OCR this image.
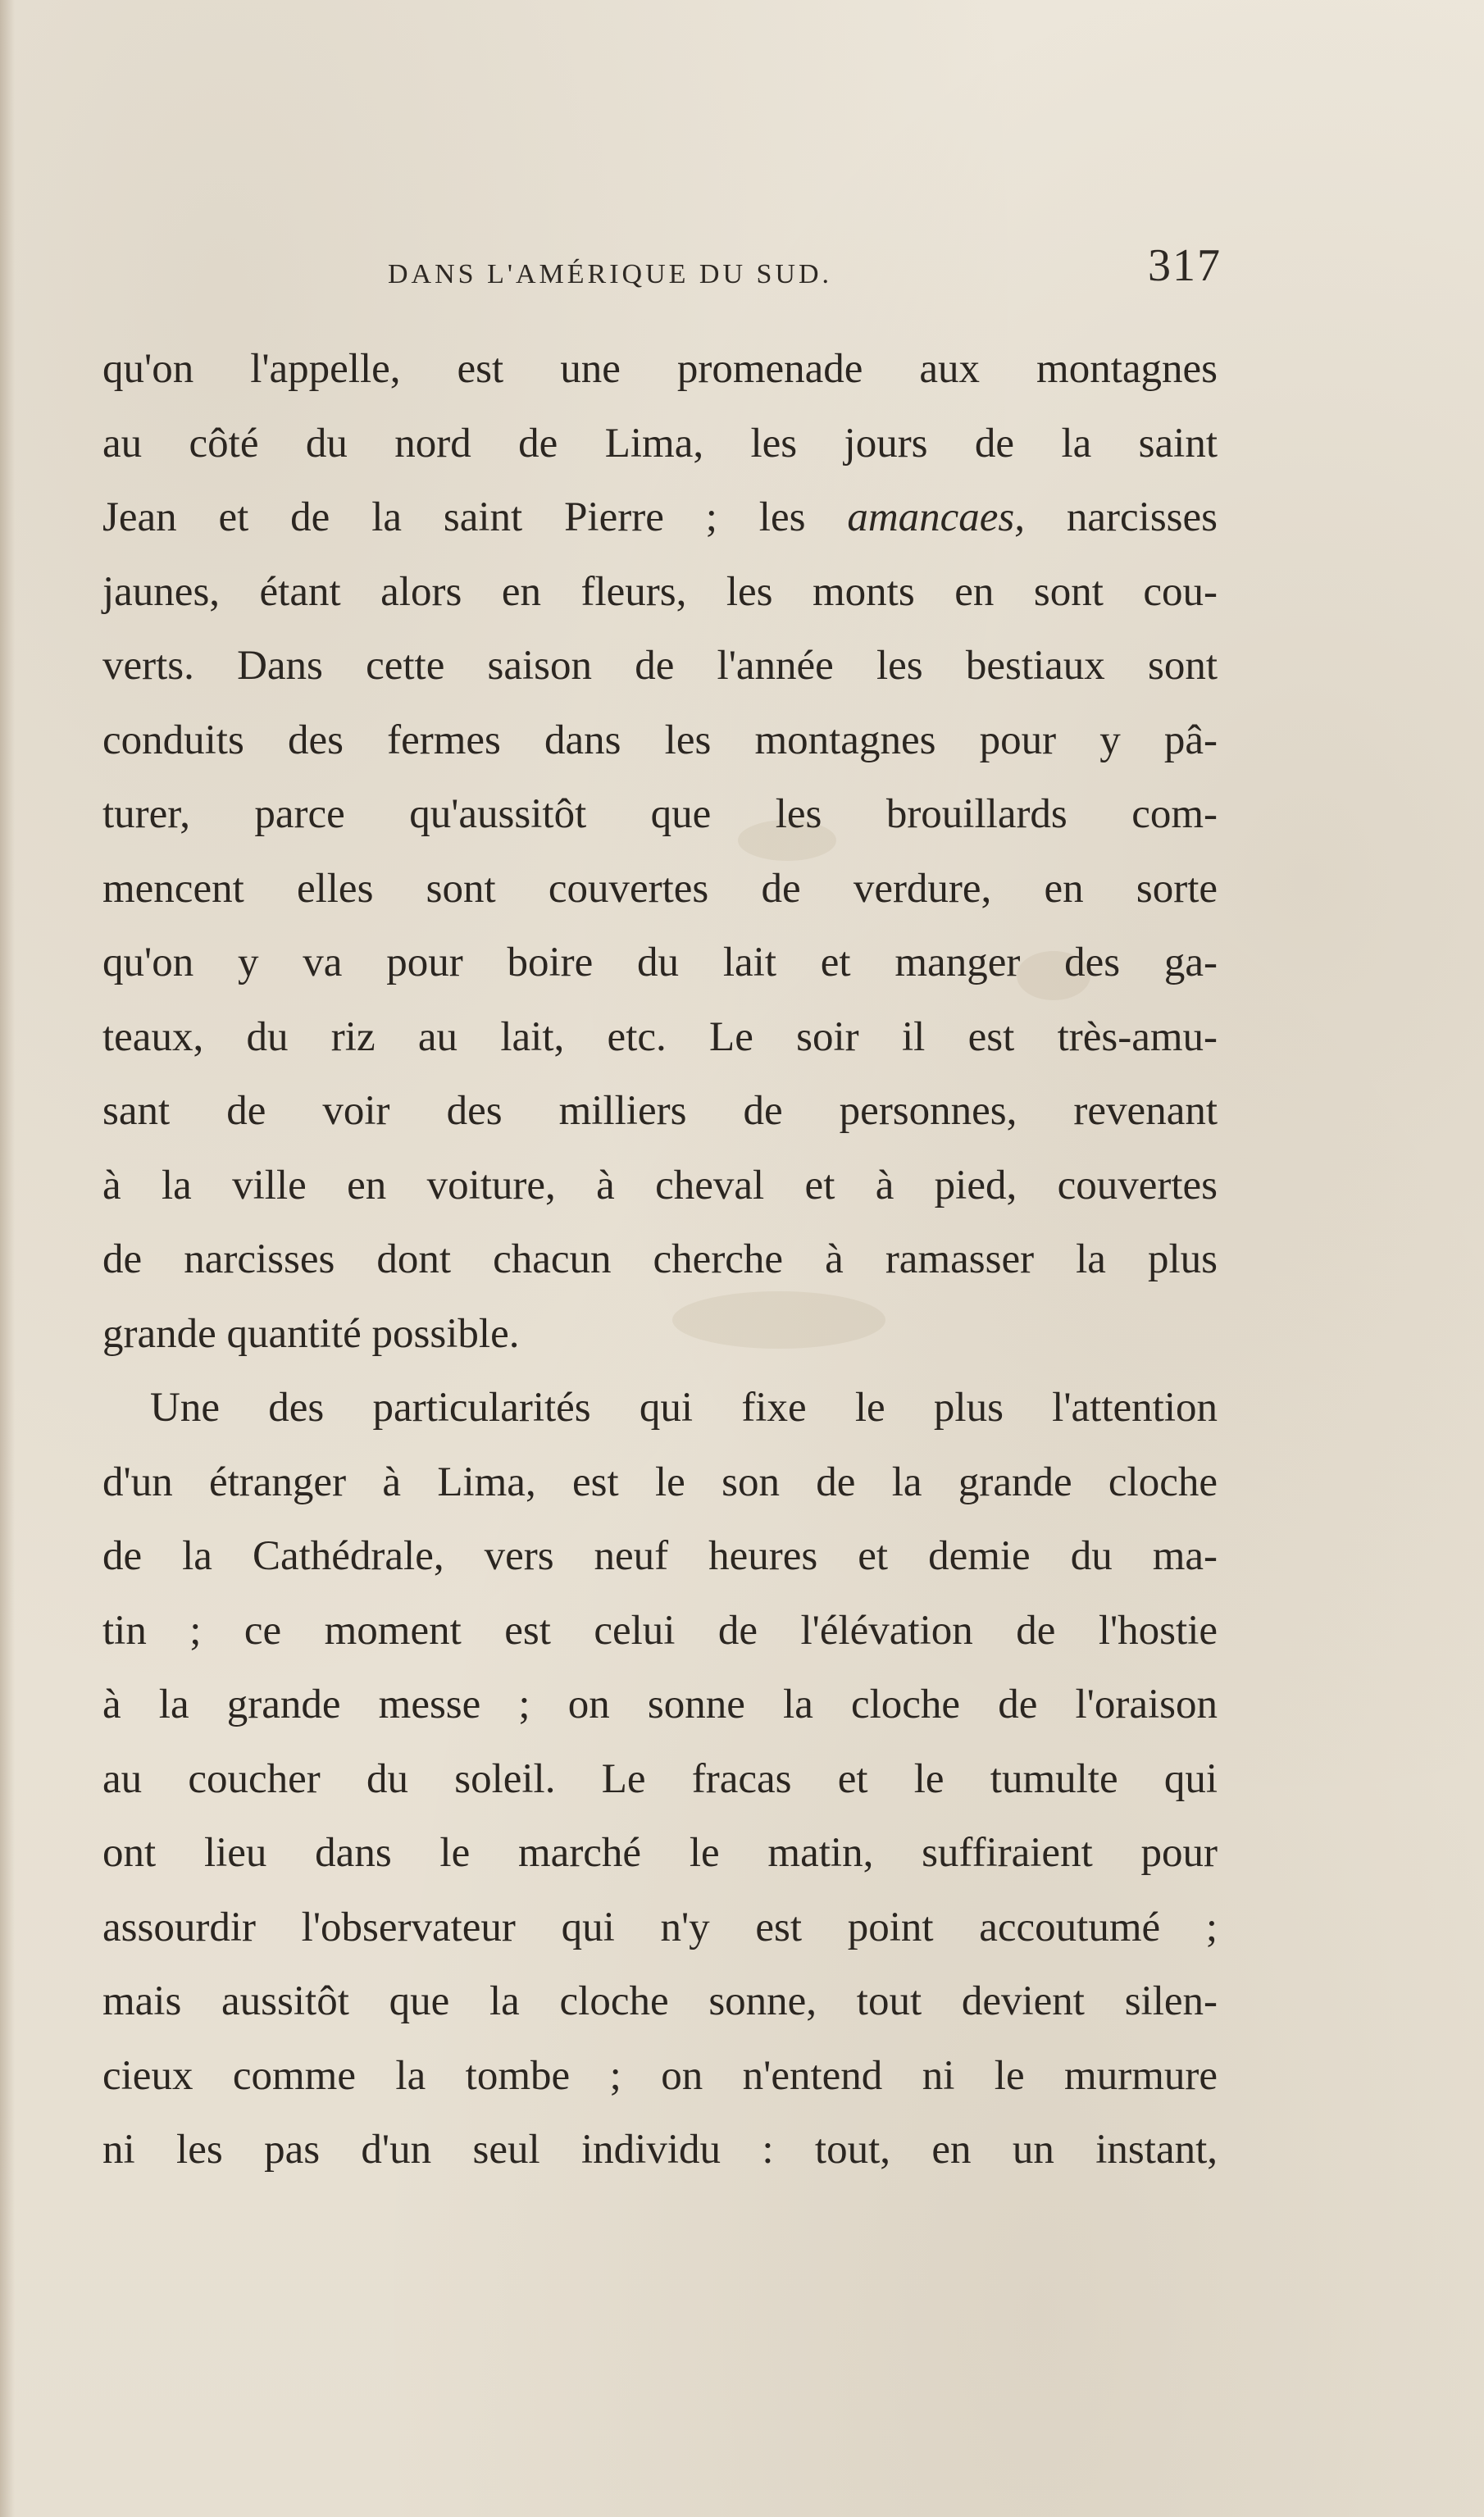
DANS L'AMÉRIQUE DU SUD.	317
qu'on l'appelle, est une promenade aux montagnes
au côté du nord de Lima, les jours de la saint
Jean et de la saint Pierre ; les amancaes, narcisses
jaunes, étant alors en fleurs, les monts en sont cou-
verts. Dans cette saison de l'année les bestiaux sont
conduits des fermes dans les montagnes pour y pâ-
turer, parce qu'aussitôt que les brouillards com-
mencent elles sont couvertes de verdure, en sorte
qu'on y va pour boire du lait et manger des ga-
teaux, du riz au lait, etc. Le soir il est très-amu-
sant de voir des milliers de personnes, revenant
à la ville en voiture, à cheval et à pied, couvertes
de narcisses dont chacun cherche à ramasser la plus
grande quantité possible.
Une des particularités qui fixe le plus l'attention
d'un étranger à Lima, est le son de la grande cloche
de la Cathédrale, vers neuf heures et demie du ma-
tin ; ce moment est celui de l'élévation de l'hostie
à la grande messe ; on sonne la cloche de l'oraison
au coucher du soleil. Le fracas et le tumulte qui
ont lieu dans le marché le matin, suffiraient pour
assourdir l'observateur qui n'y est point accoutumé ;
mais aussitôt que la cloche sonne, tout devient silen-
cieux comme la tombe ; on n'entend ni le murmure
ni les pas d'un seul individu : tout, en un instant,
